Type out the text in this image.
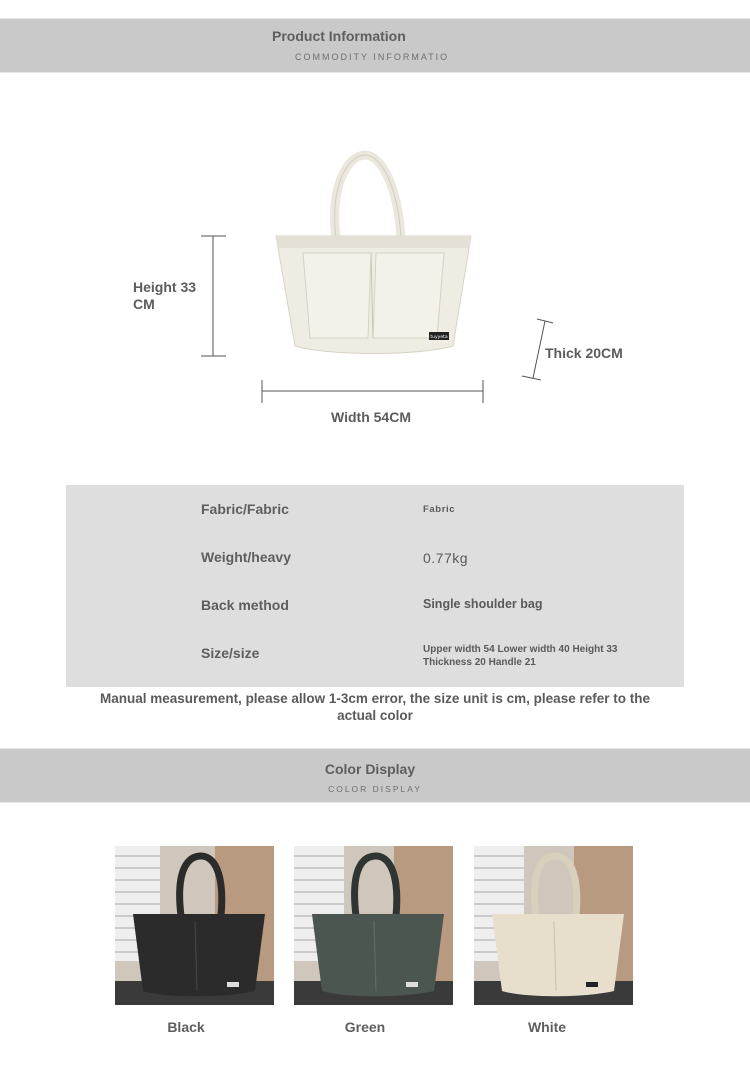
Product Information
COMMODITY INFORMATIO
Height 33 CM
Thick 20CM
Width 54CM
tuyyeta
Fabric/Fabric	Fabric
Weight/heavy	0.77kg
Back method	Single shoulder bag
Size/size	Upper width 54 Lower width 40 Height 33 Thickness 20 Handle 21
Manual measurement, please allow 1-3cm error, the size unit is cm, please refer to the actual color
Color Display
COLOR DISPLAY
Black	Green	White
